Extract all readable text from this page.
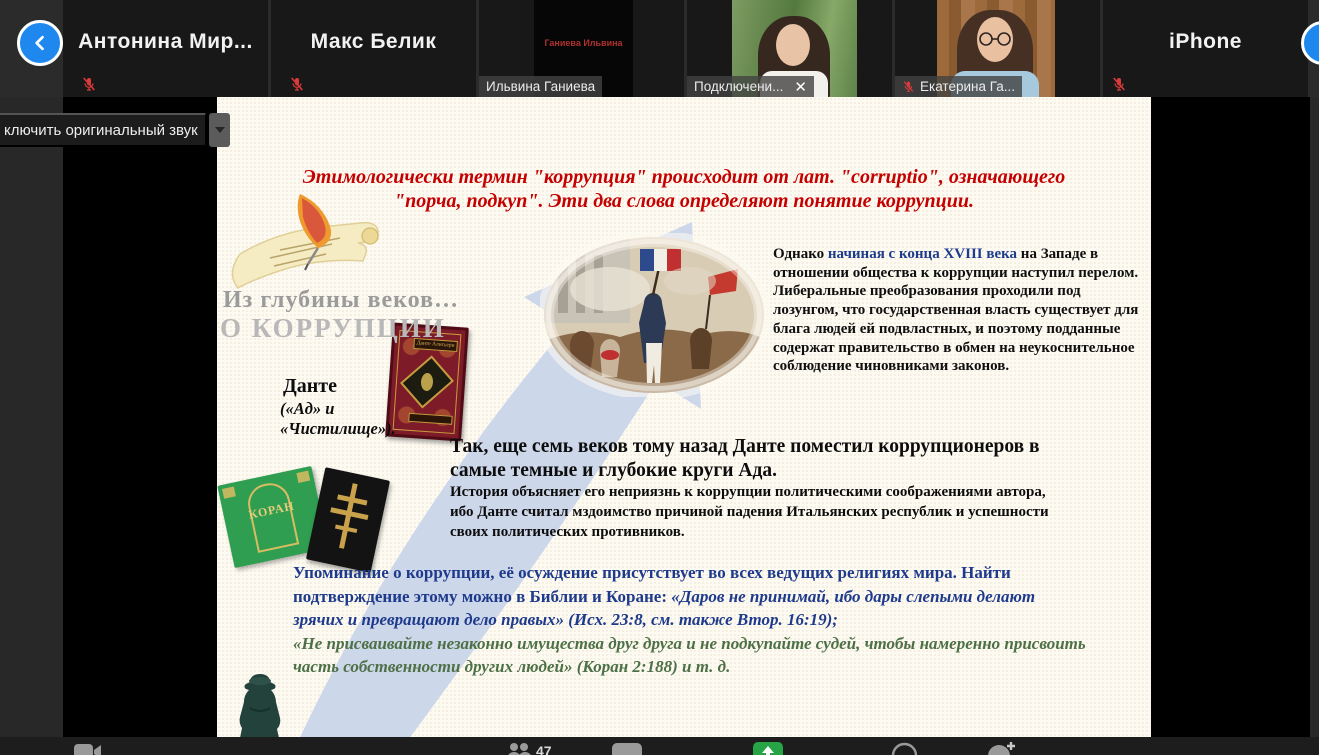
Антонина Мир...	Макс Белик	Ганиева Ильвина
Ильвина Ганиева	Подключени... ✕	Екатерина Га...
iPhone
ключить оригинальный звук
Данте Алигьери
КОРАН
Этимологически термин "коррупция" происходит от лат. "corruptio", означающего
"порча, подкуп". Эти два слова определяют понятие коррупции.
Из глубины веков…
О КОРРУПЦИИ
Данте
(«Ад» и «Чистилище»).
Однако начиная с конца XVIII века на Западе в отношении общества к коррупции наступил перелом.
Либеральные преобразования проходили под лозунгом, что государственная власть существует для блага людей ей подвластных, и поэтому подданные содержат правительство в обмен на неукоснительное соблюдение чиновниками законов.
Так, еще семь веков тому назад Данте поместил коррупционеров в самые темные и глубокие круги Ада.
История объясняет его неприязнь к коррупции политическими соображениями автора, ибо Данте считал мздоимство причиной падения Итальянских республик и успешности своих политических противников.
Упоминание о коррупции, её осуждение присутствует во всех ведущих религиях мира. Найти подтверждение этому можно в Библии и Коране: «Даров не принимай, ибо дары слепыми делают зрячих и превращают дело правых» (Исх. 23:8, см. также Втор. 16:19);
«Не присваивайте незаконно имущества друг друга и не подкупайте судей, чтобы намеренно присвоить часть собственности других людей» (Коран 2:188) и т. д.
47
